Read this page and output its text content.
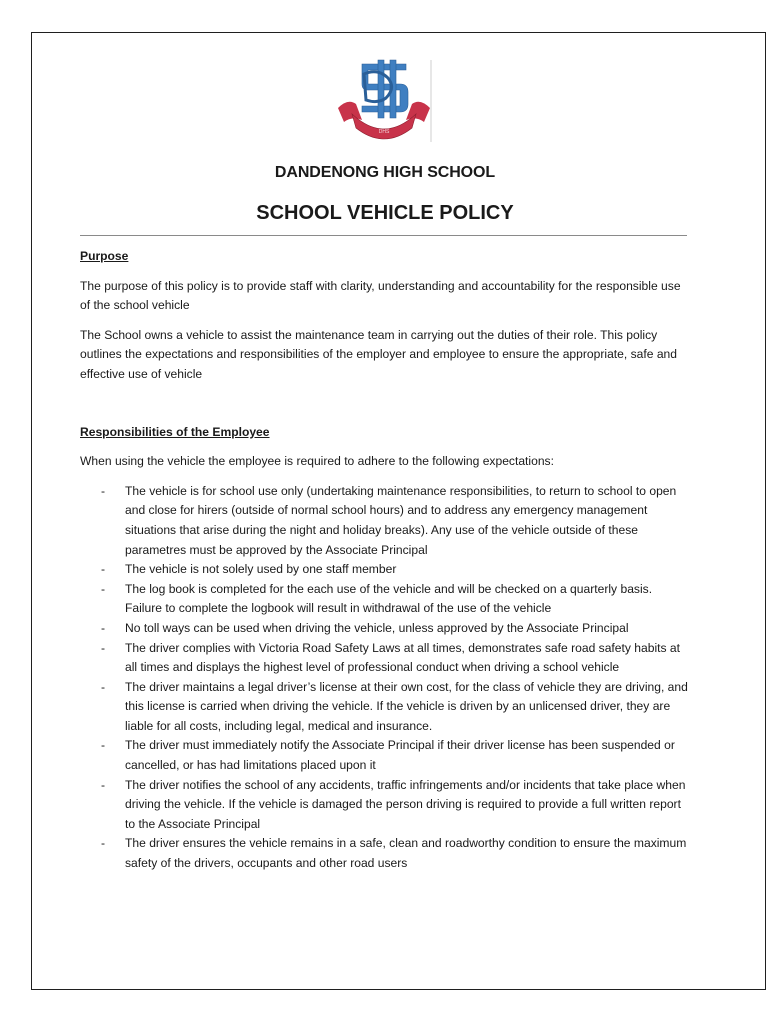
DHS
DANDENONG HIGH SCHOOL
SCHOOL VEHICLE POLICY

Purpose

The purpose of this policy is to provide staff with clarity, understanding and accountability for the responsible use of the school vehicle

The School owns a vehicle to assist the maintenance team in carrying out the duties of their role. This policy outlines the expectations and responsibilities of the employer and employee to ensure the appropriate, safe and effective use of vehicle

Responsibilities of the Employee

When using the vehicle the employee is required to adhere to the following expectations:

- The vehicle is for school use only (undertaking maintenance responsibilities, to return to school to open and close for hirers (outside of normal school hours) and to address any emergency management situations that arise during the night and holiday breaks). Any use of the vehicle outside of these parametres must be approved by the Associate Principal
- The vehicle is not solely used by one staff member
- The log book is completed for the each use of the vehicle and will be checked on a quarterly basis. Failure to complete the logbook will result in withdrawal of the use of the vehicle
- No toll ways can be used when driving the vehicle, unless approved by the Associate Principal
- The driver complies with Victoria Road Safety Laws at all times, demonstrates safe road safety habits at all times and displays the highest level of professional conduct when driving a school vehicle
- The driver maintains a legal driver’s license at their own cost, for the class of vehicle they are driving, and this license is carried when driving the vehicle. If the vehicle is driven by an unlicensed driver, they are liable for all costs, including legal, medical and insurance.
- The driver must immediately notify the Associate Principal if their driver license has been suspended or cancelled, or has had limitations placed upon it
- The driver notifies the school of any accidents, traffic infringements and/or incidents that take place when driving the vehicle. If the vehicle is damaged the person driving is required to provide a full written report to the Associate Principal
- The driver ensures the vehicle remains in a safe, clean and roadworthy condition to ensure the maximum safety of the drivers, occupants and other road users
